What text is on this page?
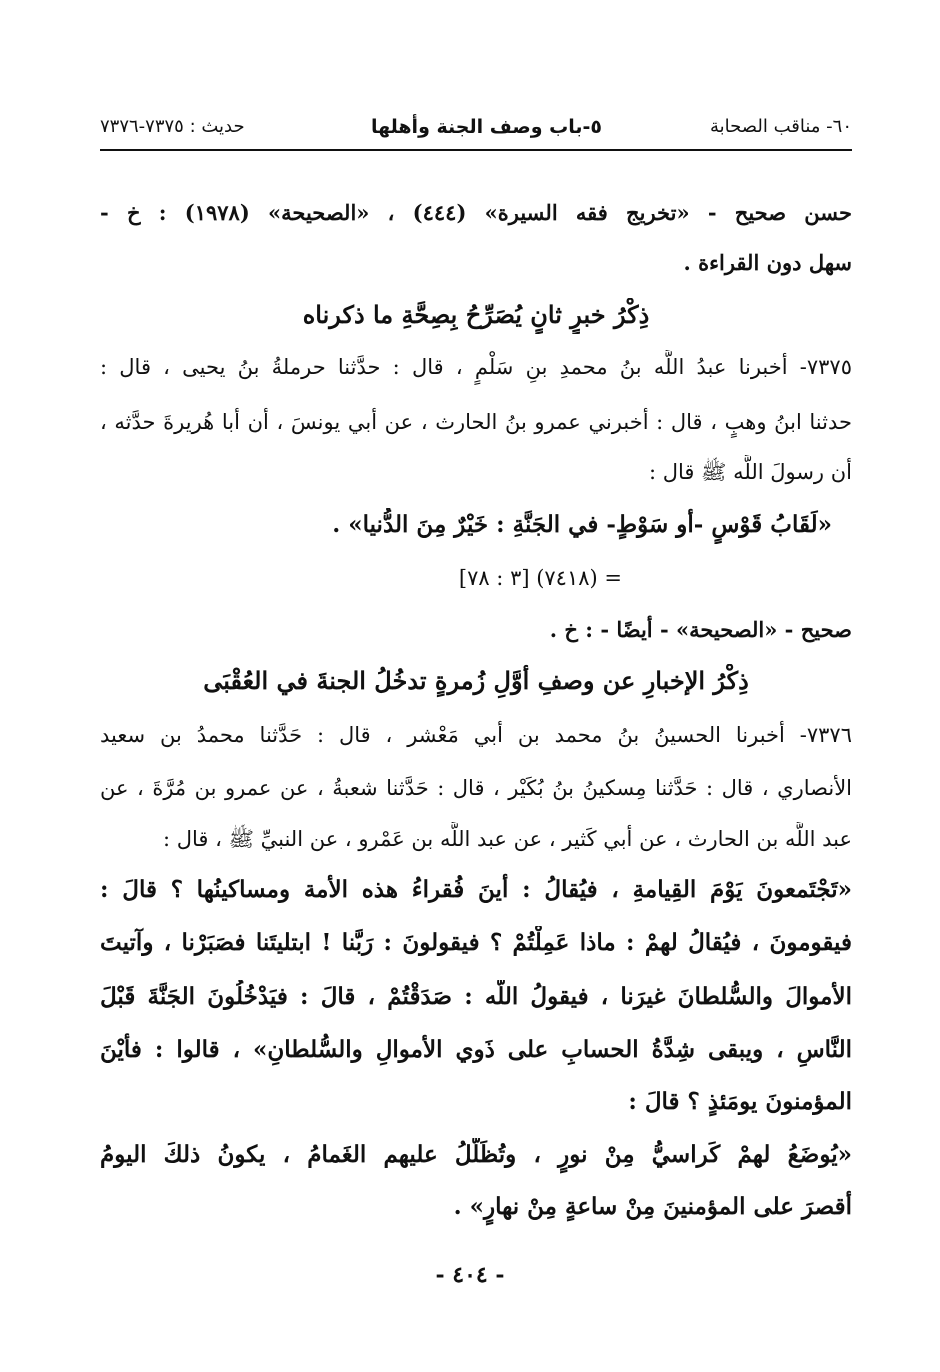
٦٠- مناقب الصحابة
٥-باب وصف الجنة وأهلها
حديث : ٧٣٧٥-٧٣٧٦
حسن صحيح - «تخريج فقه السيرة» (٤٤٤) ، «الصحيحة» (١٩٧٨) : خ -
سهل دون القراءة .
ذِكْرُ خبرٍ ثانٍ يُصَرِّحُ بِصِحَّةِ ما ذكرناه
٧٣٧٥- أخبرنا عبدُ اللَّه بنُ محمدِ بنِ سَلْمٍ ، قال : حدَّثنا حرملةُ بنُ يحيى ، قال :
حدثنا ابنُ وهبٍ ، قال : أخبرني عمرو بنُ الحارث ، عن أبي يونسَ ، أن أبا هُريرةَ حدَّثه ،
أن رسولَ اللَّه ﷺ قال :
«لَقَابُ قَوْسٍ -أو سَوْطٍ- في الجَنَّةِ : خَيْرٌ مِنَ الدُّنيا» .
= (٧٤١٨) [٣ : ٧٨]
صحيح - «الصحيحة» - أيضًا - : خ .
ذِكْرُ الإخبارِ عن وصفِ أوَّلِ زُمرةٍ تدخُلُ الجنةَ في العُقْبَى
٧٣٧٦- أخبرنا الحسينُ بنُ محمد بن أبي مَعْشر ، قال : حَدَّثنا محمدُ بن سعيد
الأنصاري ، قال : حَدَّثنا مِسكينُ بنُ بُكَيْر ، قال : حَدَّثنا شعبةُ ، عن عمرو بن مُرَّةَ ، عن
عبد اللَّه بن الحارث ، عن أبي كَثير ، عن عبد اللَّه بن عَمْرو ، عن النبيِّ ﷺ ، قال :
«تَجْتَمعونَ يَوْمَ القِيامةِ ، فيُقالُ : أينَ فُقراءُ هذه الأمة ومساكينُها ؟ قالَ :
فيقومونَ ، فيُقالُ لهمْ : ماذا عَمِلْتُمْ ؟ فيقولونَ : رَبَّنا ! ابتليتَنا فصَبَرْنا ، وآتيتَ
الأموالَ والسُّلطانَ غيرَنا ، فيقولُ اللَّه : صَدَقْتُمْ ، قالَ : فيَدْخُلُونَ الجَنَّةَ قَبْلَ
النَّاسِ ، ويبقى شِدَّةُ الحسابِ على ذَوي الأموالِ والسُّلطانِ» ، قالوا : فأَيْنَ
المؤمنونَ يومَئذٍ ؟ قالَ :
«يُوضَعُ لهمْ كَراسيُّ مِنْ نورٍ ، وتُظَلَّلُ عليهم الغَمامُ ، يكونُ ذلكَ اليومُ
أقصرَ على المؤمنينَ مِنْ ساعةٍ مِنْ نهارٍ» .
- ٤٠٤ -
